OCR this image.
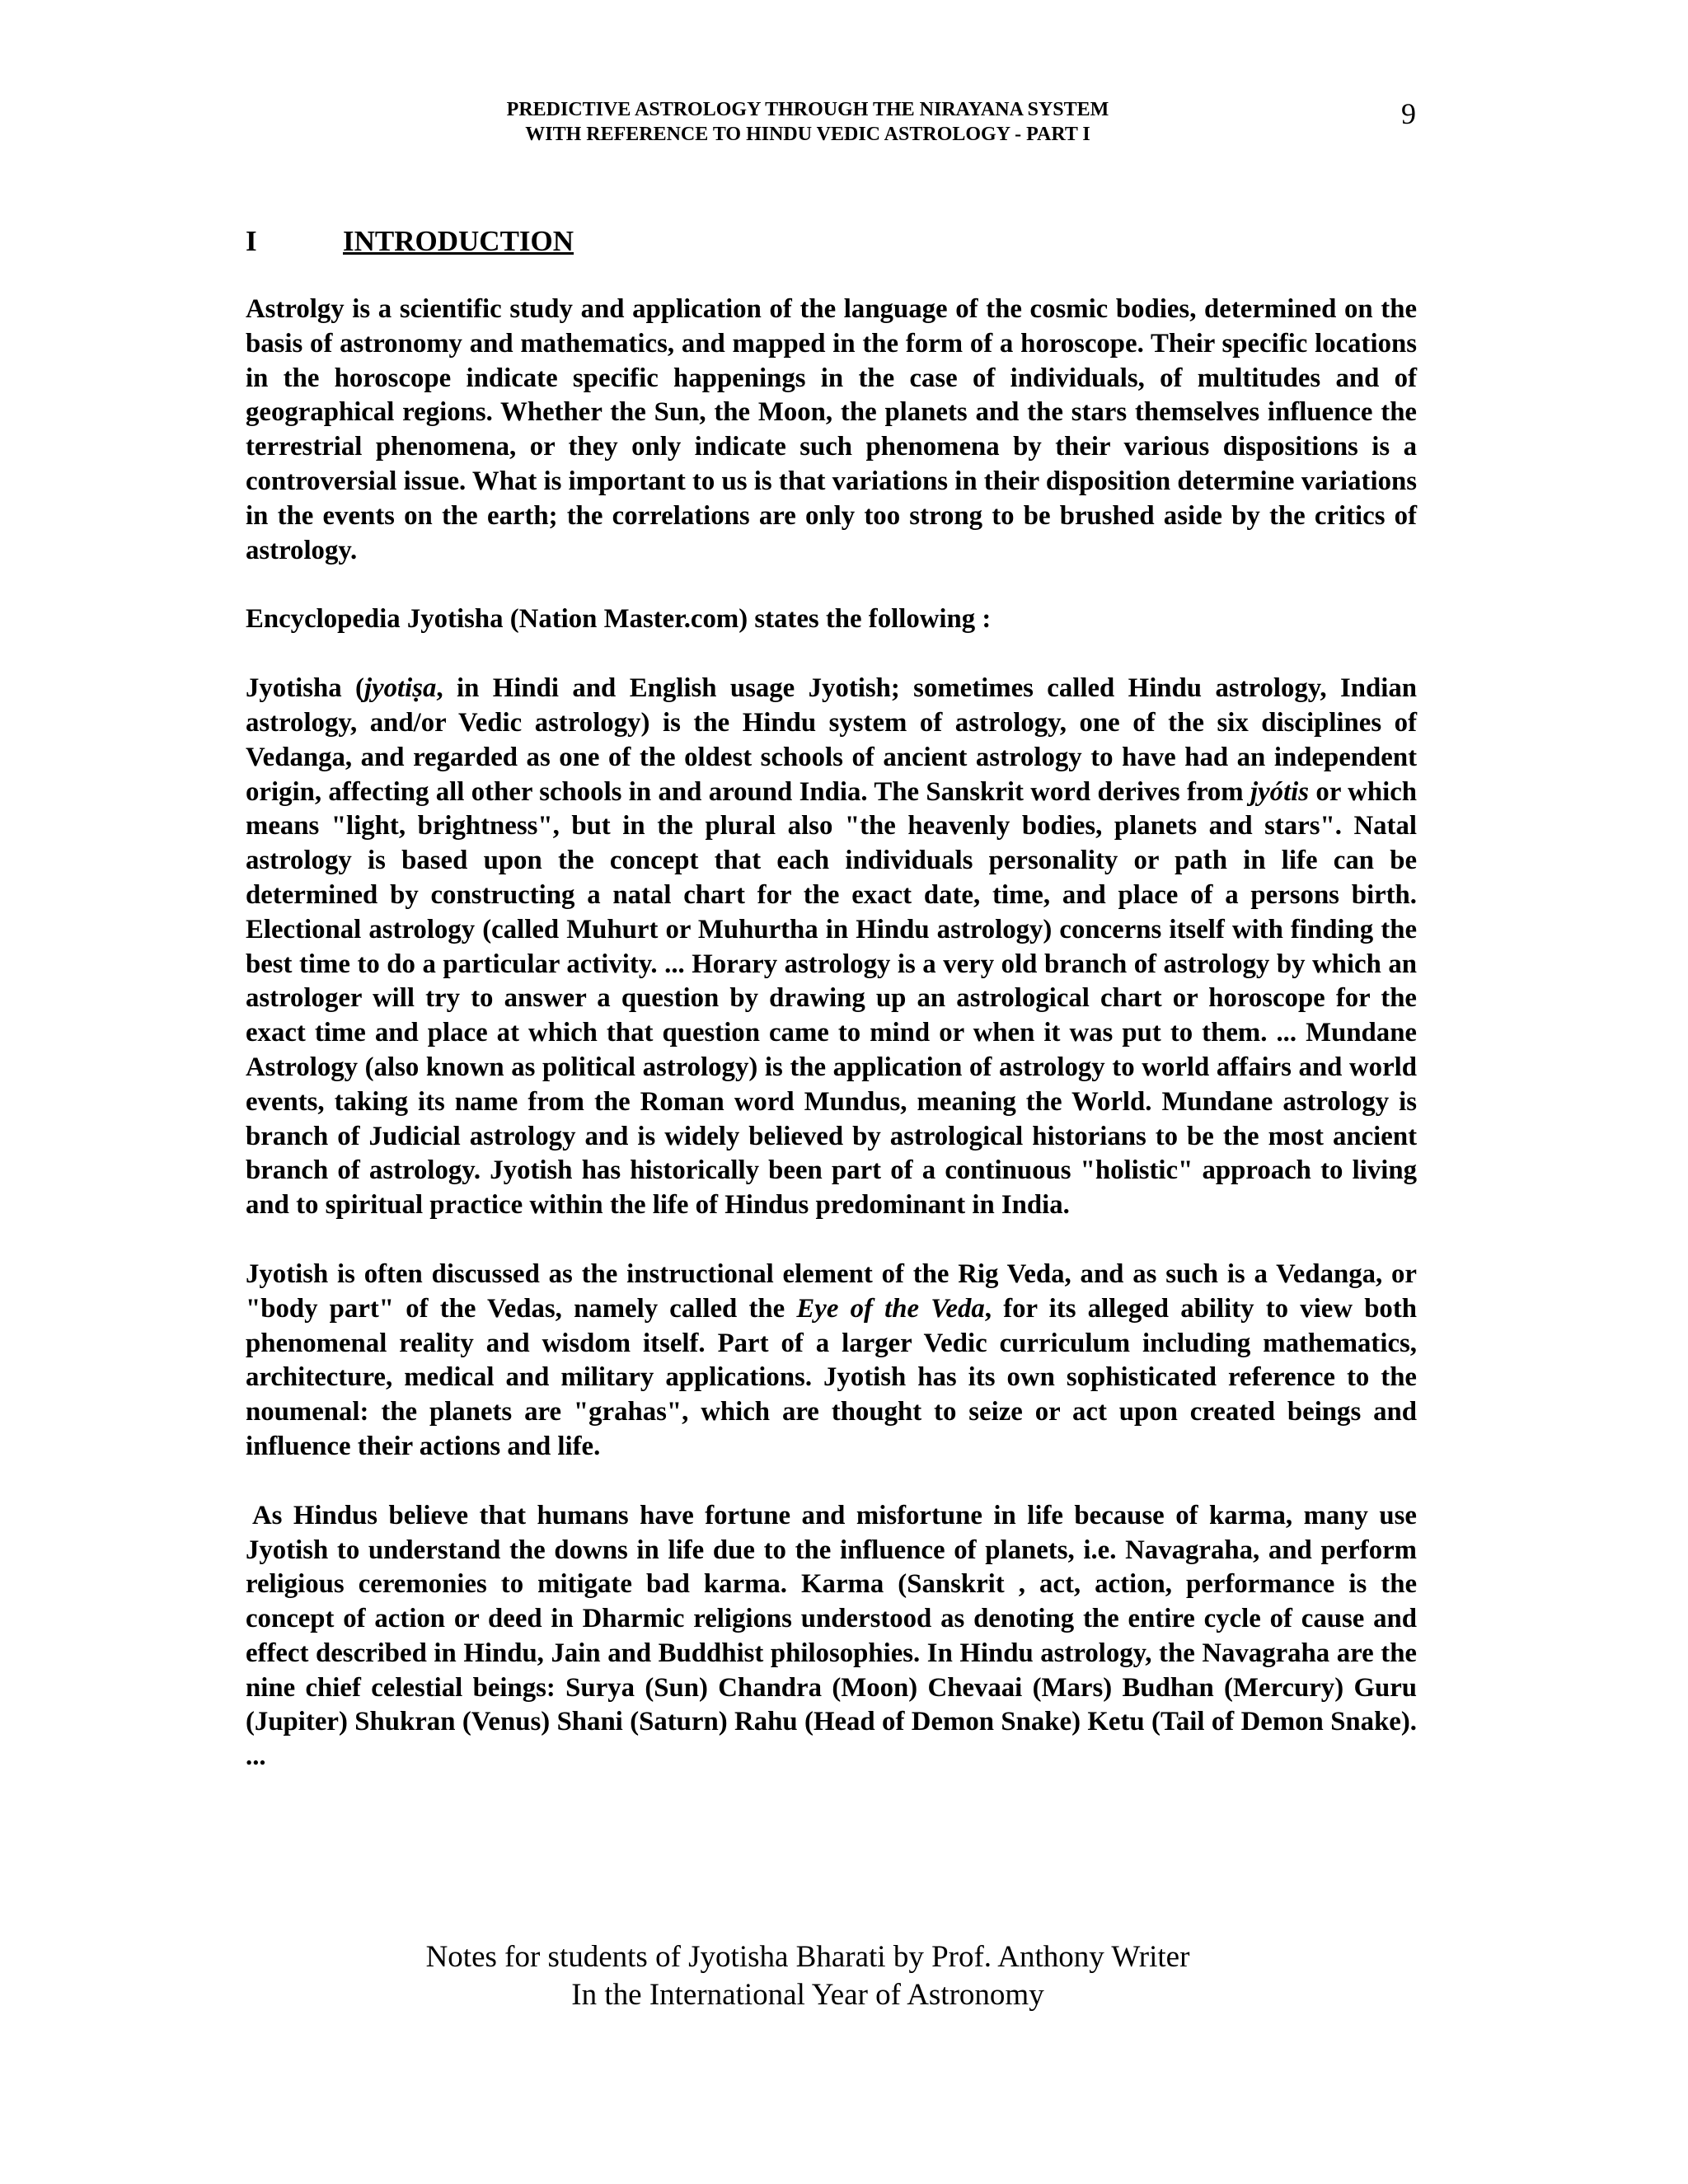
PREDICTIVE ASTROLOGY THROUGH THE NIRAYANA SYSTEM
WITH REFERENCE TO HINDU VEDIC ASTROLOGY - PART I
9
I	INTRODUCTION

Astrolgy is a scientific study and application of the language of the cosmic bodies, determined on the basis of astronomy and mathematics, and mapped in the form of a horoscope. Their specific locations in the horoscope indicate specific happenings in the case of individuals, of multitudes and of geographical regions. Whether the Sun, the Moon, the planets and the stars themselves influence the terrestrial phenomena, or they only indicate such phenomena by their various dispositions is a controversial issue. What is important to us is that variations in their disposition determine variations in the events on the earth; the correlations are only too strong to be brushed aside by the critics of astrology.

Encyclopedia Jyotisha (Nation Master.com) states the following :

Jyotisha (jyotiṣa, in Hindi and English usage Jyotish; sometimes called Hindu astrology, Indian astrology, and/or Vedic astrology) is the Hindu system of astrology, one of the six disciplines of Vedanga, and regarded as one of the oldest schools of ancient astrology to have had an independent origin, affecting all other schools in and around India. The Sanskrit word derives from jyótis or which means "light, brightness", but in the plural also "the heavenly bodies, planets and stars". Natal astrology is based upon the concept that each individuals personality or path in life can be determined by constructing a natal chart for the exact date, time, and place of a persons birth. Electional astrology (called Muhurt or Muhurtha in Hindu astrology) concerns itself with finding the best time to do a particular activity. ... Horary astrology is a very old branch of astrology by which an astrologer will try to answer a question by drawing up an astrological chart or horoscope for the exact time and place at which that question came to mind or when it was put to them. ... Mundane Astrology (also known as political astrology) is the application of astrology to world affairs and world events, taking its name from the Roman word Mundus, meaning the World. Mundane astrology is branch of Judicial astrology and is widely believed by astrological historians to be the most ancient branch of astrology. Jyotish has historically been part of a continuous "holistic" approach to living and to spiritual practice within the life of Hindus predominant in India.

Jyotish is often discussed as the instructional element of the Rig Veda, and as such is a Vedanga, or "body part" of the Vedas, namely called the Eye of the Veda, for its alleged ability to view both phenomenal reality and wisdom itself. Part of a larger Vedic curriculum including mathematics, architecture, medical and military applications. Jyotish has its own sophisticated reference to the noumenal: the planets are "grahas", which are thought to seize or act upon created beings and influence their actions and life.

As Hindus believe that humans have fortune and misfortune in life because of karma, many use Jyotish to understand the downs in life due to the influence of planets, i.e. Navagraha, and perform religious ceremonies to mitigate bad karma. Karma (Sanskrit , act, action, performance is the concept of action or deed in Dharmic religions understood as denoting the entire cycle of cause and effect described in Hindu, Jain and Buddhist philosophies. In Hindu astrology, the Navagraha are the nine chief celestial beings: Surya (Sun) Chandra (Moon) Chevaai (Mars) Budhan (Mercury) Guru (Jupiter) Shukran (Venus) Shani (Saturn) Rahu (Head of Demon Snake) Ketu (Tail of Demon Snake). ...

Notes for students of Jyotisha Bharati by Prof. Anthony Writer
In the International Year of Astronomy
